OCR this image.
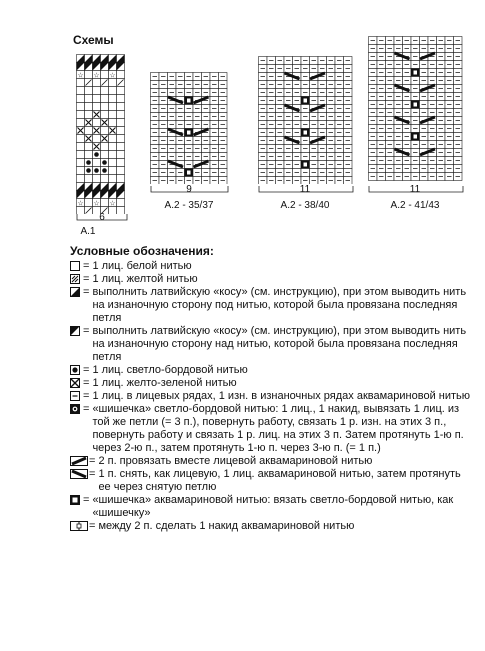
Схемы
☆ ☆ ☆
☆ ☆ ☆
6
A.1
9
A.2 - 35/37
11
A.2 - 38/40
11
A.2 - 41/43
Условные обозначения:
= 1 лиц. белой нитью
= 1 лиц. желтой нитью
= выполнить латвийскую «косу» (см. инструкцию), при этом выводить нить на изнаночную сторону под нитью, которой была провязана последняя петля
= выполнить латвийскую «косу» (см. инструкцию), при этом выводить нить на изнаночную сторону над нитью, которой была провязана последняя петля
= 1 лиц. светло-бордовой нитью
= 1 лиц. желто-зеленой нитью
= 1 лиц. в лицевых рядах, 1 изн. в изнаночных рядах аквамариновой нитью
= «шишечка» светло-бордовой нитью: 1 лиц., 1 накид, вывязать 1 лиц. из той же петли (= 3 п.), повернуть работу, связать 1 р. изн. на этих 3 п., повернуть работу и связать 1 р. лиц. на этих 3 п. Затем протянуть 1-ю п. через 2-ю п., затем протянуть 1-ю п. через 3-ю п. (= 1 п.)
= 2 п. провязать вместе лицевой аквамариновой нитью
= 1 п. снять, как лицевую, 1 лиц. аквамариновой нитью, затем протянуть ее через снятую петлю
= «шишечка» аквамариновой нитью: вязать светло-бордовой нитью, как «шишечку»
= между 2 п. сделать 1 накид аквамариновой нитью
